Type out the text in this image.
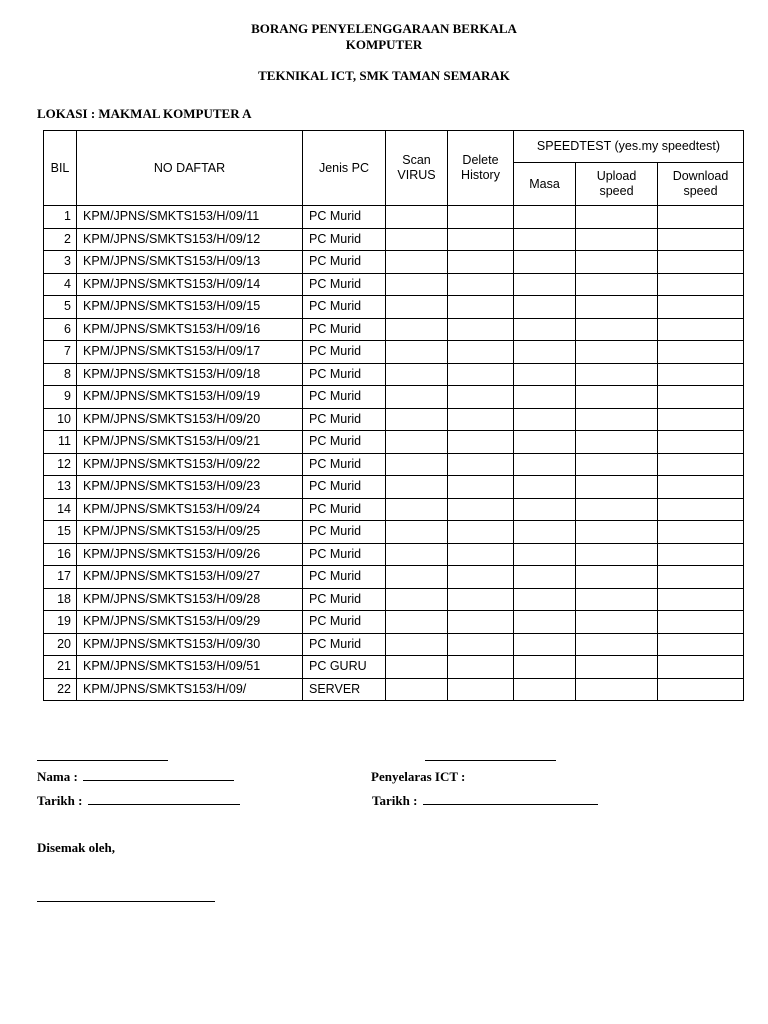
BORANG PENYELENGGARAAN BERKALA
KOMPUTER
TEKNIKAL ICT, SMK TAMAN SEMARAK
LOKASI : MAKMAL KOMPUTER A
BIL	NO DAFTAR	Jenis PC	Scan VIRUS	Delete History	SPEEDTEST (yes.my speedtest)		
					Masa	Upload speed	Download speed
1	KPM/JPNS/SMKTS153/H/09/11	PC Murid					
2	KPM/JPNS/SMKTS153/H/09/12	PC Murid					
3	KPM/JPNS/SMKTS153/H/09/13	PC Murid					
4	KPM/JPNS/SMKTS153/H/09/14	PC Murid					
5	KPM/JPNS/SMKTS153/H/09/15	PC Murid					
6	KPM/JPNS/SMKTS153/H/09/16	PC Murid					
7	KPM/JPNS/SMKTS153/H/09/17	PC Murid					
8	KPM/JPNS/SMKTS153/H/09/18	PC Murid					
9	KPM/JPNS/SMKTS153/H/09/19	PC Murid					
10	KPM/JPNS/SMKTS153/H/09/20	PC Murid					
11	KPM/JPNS/SMKTS153/H/09/21	PC Murid					
12	KPM/JPNS/SMKTS153/H/09/22	PC Murid					
13	KPM/JPNS/SMKTS153/H/09/23	PC Murid					
14	KPM/JPNS/SMKTS153/H/09/24	PC Murid					
15	KPM/JPNS/SMKTS153/H/09/25	PC Murid					
16	KPM/JPNS/SMKTS153/H/09/26	PC Murid					
17	KPM/JPNS/SMKTS153/H/09/27	PC Murid					
18	KPM/JPNS/SMKTS153/H/09/28	PC Murid					
19	KPM/JPNS/SMKTS153/H/09/29	PC Murid					
20	KPM/JPNS/SMKTS153/H/09/30	PC Murid					
21	KPM/JPNS/SMKTS153/H/09/51	PC GURU					
22	KPM/JPNS/SMKTS153/H/09/	SERVER					
Nama :	Penyelaras ICT :
Tarikh :	Tarikh :
Disemak oleh,
